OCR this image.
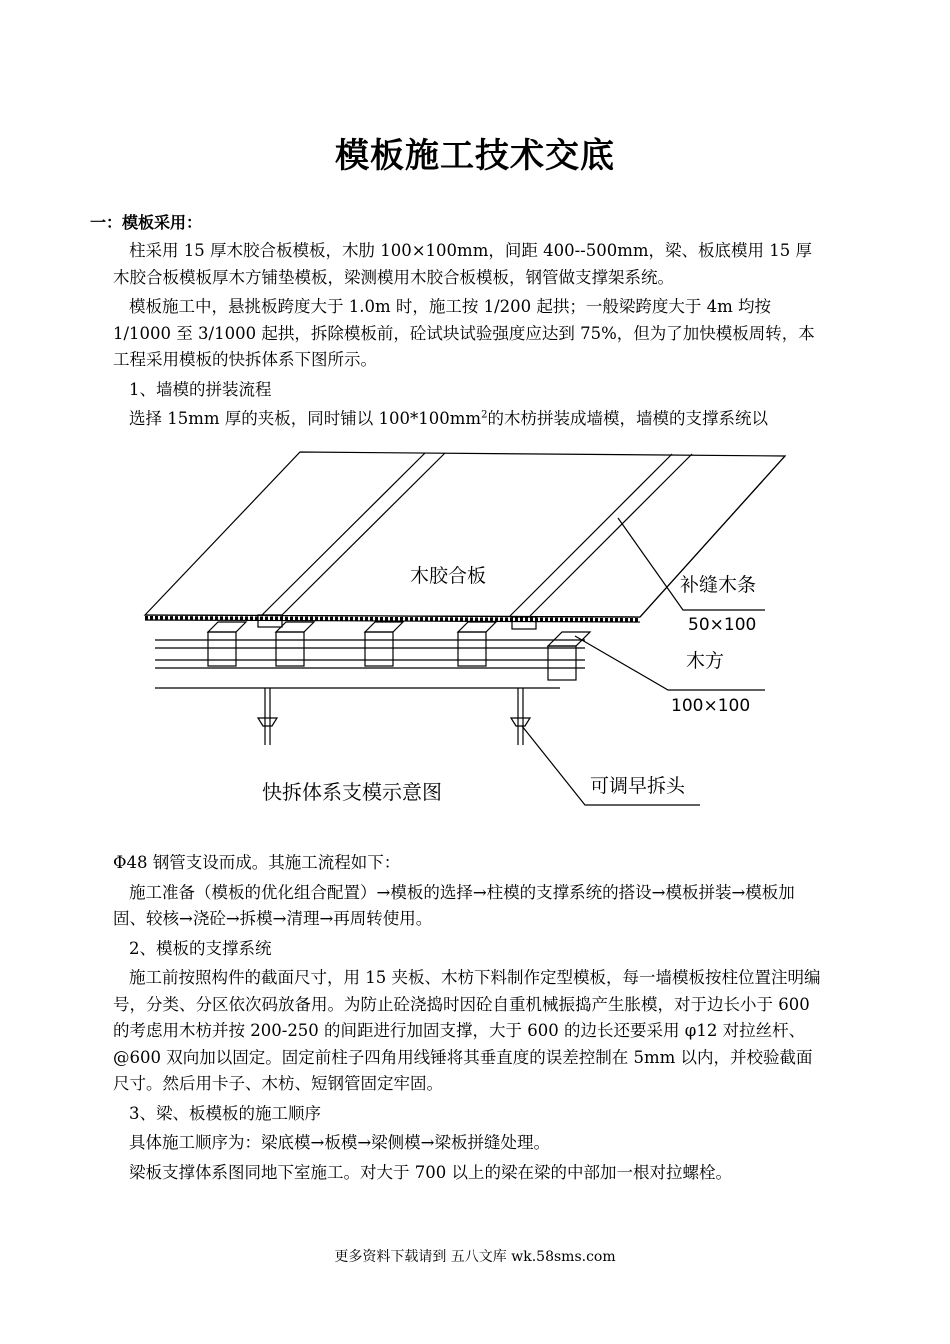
模板施工技术交底
一：模板采用：

柱采用 15 厚木胶合板模板，木肋 100×100mm，间距 400--500mm，梁、板底模用 15 厚木胶合板模板厚木方铺垫模板，梁测模用木胶合板模板，钢管做支撑架系统。

模板施工中，悬挑板跨度大于 1.0m 时，施工按 1/200 起拱；一般梁跨度大于 4m 均按 1/1000 至 3/1000 起拱，拆除模板前，砼试块试验强度应达到 75%，但为了加快模板周转，本工程采用模板的快拆体系下图所示。

1、墙模的拼装流程

选择 15mm 厚的夹板，同时铺以 $100*100mm^2$的木枋拼装成墙模，墙模的支撑系统以

木胶合板	补缝木条
50×100
木方
100×100
可调早拆头
快拆体系支模示意图

Φ48 钢管支设而成。其施工流程如下：

施工准备（模板的优化组合配置）→模板的选择→柱模的支撑系统的搭设→模板拼装→模板加固、较核→浇砼→拆模→清理→再周转使用。

2、模板的支撑系统

施工前按照构件的截面尺寸，用 15 夹板、木枋下料制作定型模板，每一墙模板按柱位置注明编号，分类、分区依次码放备用。为防止砼浇捣时因砼自重机械振捣产生胀模，对于边长小于 600 的考虑用木枋并按 200-250 的间距进行加固支撑，大于 600 的边长还要采用 φ12 对拉丝杆、@600 双向加以固定。固定前柱子四角用线锤将其垂直度的误差控制在 5mm 以内，并校验截面尺寸。然后用卡子、木枋、短钢管固定牢固。

3、梁、板模板的施工顺序

具体施工顺序为：梁底模→板模→梁侧模→梁板拼缝处理。

梁板支撑体系图同地下室施工。对大于 700 以上的梁在梁的中部加一根对拉螺栓。

更多资料下载请到 五八文库 wk.58sms.com
